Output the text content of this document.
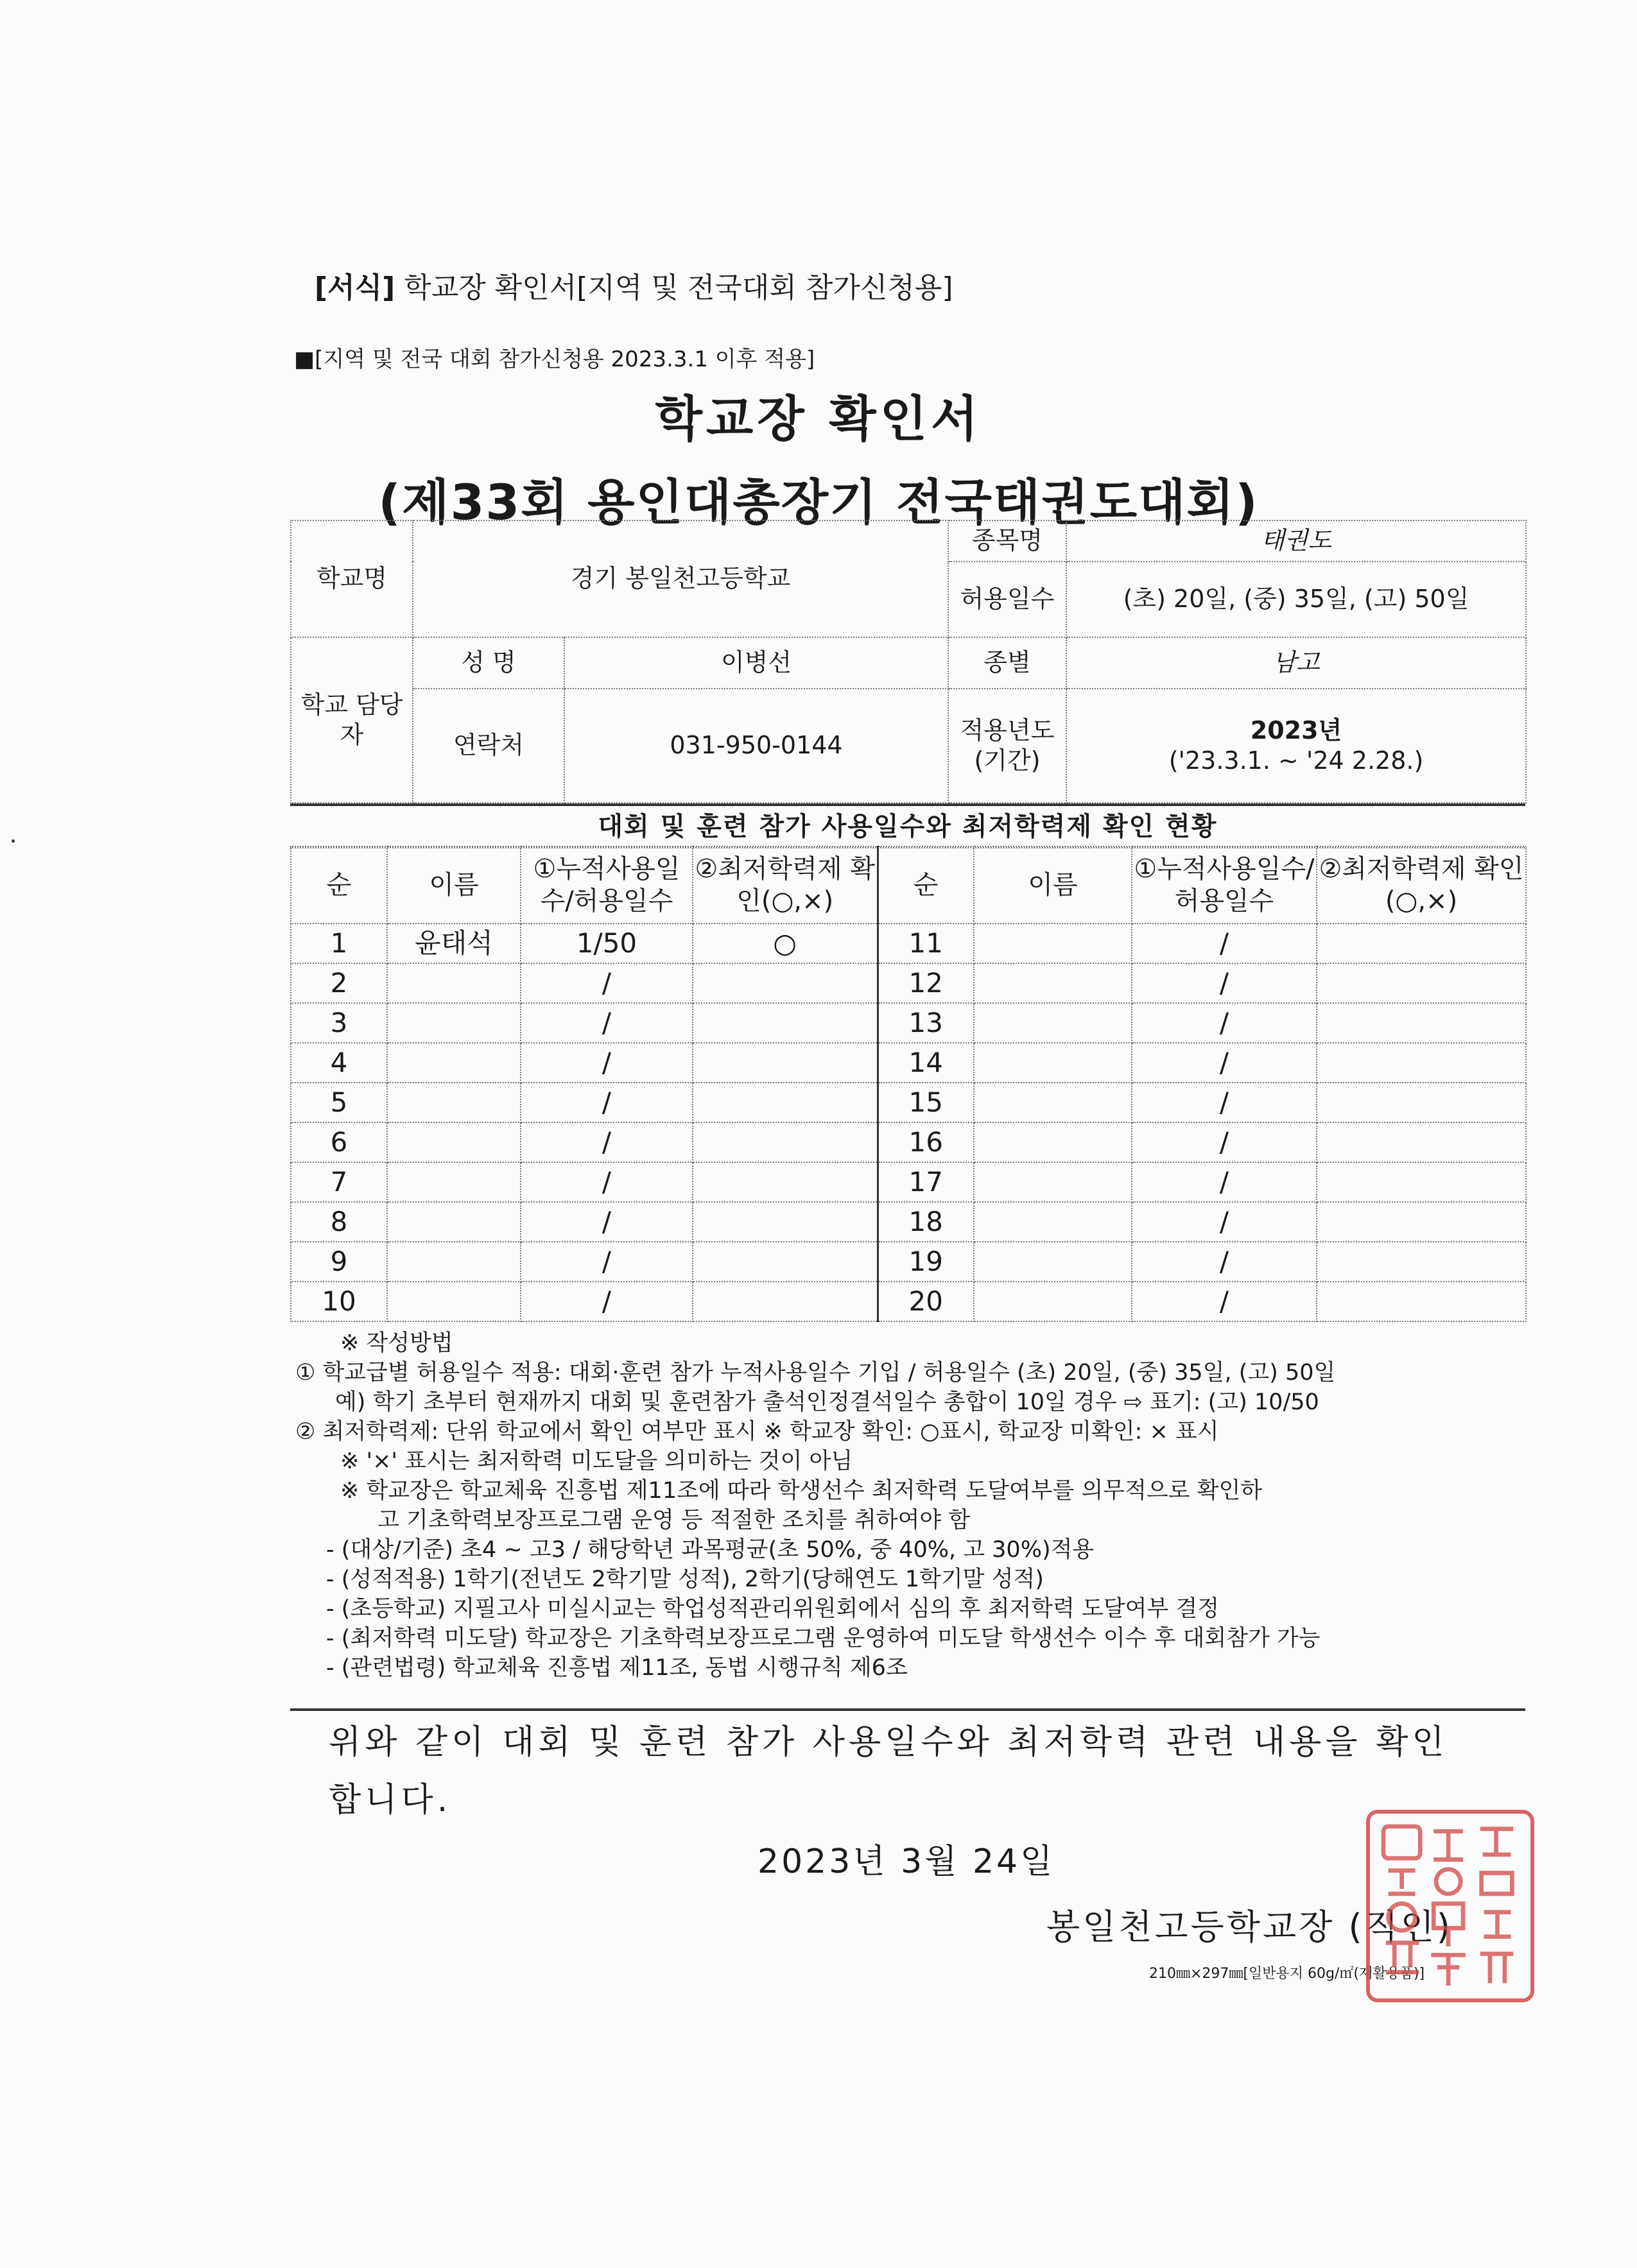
[서식] 학교장 확인서[지역 및 전국대회 참가신청용]
■[지역 및 전국 대회 참가신청용 2023.3.1 이후 적용]
학교장 확인서
(제33회 용인대총장기 전국태권도대회)
학교명	경기 봉일천고등학교		종목명	태권도
			허용일수	(초) 20일, (중) 35일, (고) 50일
학교 담당자	성 명	이병선	종별	남고
	연락처	031-950-0144	적용년도 (기간)	2023년
('23.3.1. ~ '24 2.28.)
대회 및 훈련 참가 사용일수와 최저학력제 확인 현황
순	이름	①누적사용일수/허용일수	②최저학력제 확인(○,×)	순	이름	①누적사용일수/허용일수	②최저학력제 확인(○,×)
1	윤태석	1/50	○	11		/	
2		/		12		/	
3		/		13		/	
4		/		14		/	
5		/		15		/	
6		/		16		/	
7		/		17		/	
8		/		18		/	
9		/		19		/	
10		/		20		/	
※ 작성방법
① 학교급별 허용일수 적용: 대회·훈련 참가 누적사용일수 기입 / 허용일수 (초) 20일, (중) 35일, (고) 50일
예) 학기 초부터 현재까지 대회 및 훈련참가 출석인정결석일수 총합이 10일 경우 ⇨ 표기: (고) 10/50
② 최저학력제: 단위 학교에서 확인 여부만 표시 ※ 학교장 확인: ○표시, 학교장 미확인: × 표시
※ '×' 표시는 최저학력 미도달을 의미하는 것이 아님
※ 학교장은 학교체육 진흥법 제11조에 따라 학생선수 최저학력 도달여부를 의무적으로 확인하
고 기초학력보장프로그램 운영 등 적절한 조치를 취하여야 함
- (대상/기준) 초4 ~ 고3 / 해당학년 과목평균(초 50%, 중 40%, 고 30%)적용
- (성적적용) 1학기(전년도 2학기말 성적), 2학기(당해연도 1학기말 성적)
- (초등학교) 지필고사 미실시교는 학업성적관리위원회에서 심의 후 최저학력 도달여부 결정
- (최저학력 미도달) 학교장은 기초학력보장프로그램 운영하여 미도달 학생선수 이수 후 대회참가 가능
- (관련법령) 학교체육 진흥법 제11조, 동법 시행규칙 제6조
위와 같이 대회 및 훈련 참가 사용일수와 최저학력 관련 내용을 확인
합니다.
2023년 3월 24일
봉일천고등학교장 (직인)
210㎜×297㎜[일반용지 60g/㎡(재활용품)]
